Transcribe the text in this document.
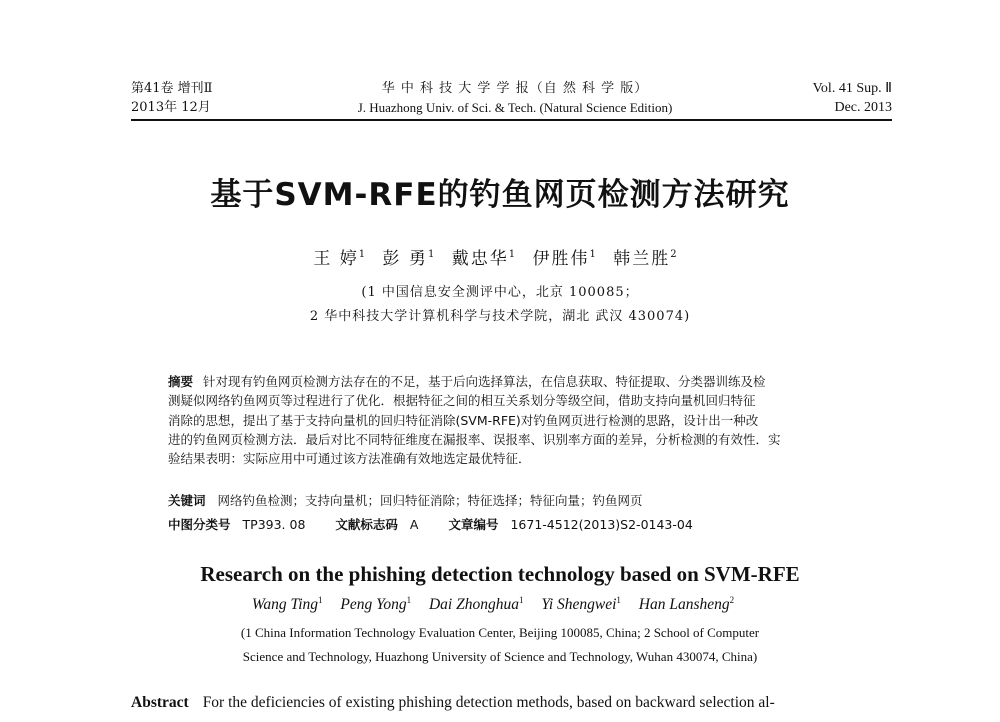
第41卷 增刊Ⅱ
2013年 12月
华 中 科 技 大 学 学 报（自 然 科 学 版）
J. Huazhong Univ. of Sci. & Tech. (Natural Science Edition)
Vol. 41 Sup. Ⅱ
Dec. 2013
基于SVM-RFE的钓鱼网页检测方法研究
王 婷$^1$ 彭 勇$^1$ 戴忠华$^1$ 伊胜伟$^1$ 韩兰胜$^2$
(1 中国信息安全测评中心，北京 100085；
2 华中科技大学计算机科学与技术学院，湖北 武汉 430074)
摘要 针对现有钓鱼网页检测方法存在的不足，基于后向选择算法，在信息获取、特征提取、分类器训练及检
测疑似网络钓鱼网页等过程进行了优化．根据特征之间的相互关系划分等级空间，借助支持向量机回归特征
消除的思想，提出了基于支持向量机的回归特征消除(SVM-RFE)对钓鱼网页进行检测的思路，设计出一种改
进的钓鱼网页检测方法．最后对比不同特征维度在漏报率、误报率、识别率方面的差异，分析检测的有效性．实
验结果表明：实际应用中可通过该方法准确有效地选定最优特征．
关键词 网络钓鱼检测；支持向量机；回归特征消除；特征选择；特征向量；钓鱼网页
中图分类号 TP393. 08 文献标志码 A 文章编号 1671-4512(2013)S2-0143-04
Research on the phishing detection technology based on SVM-RFE
Wang Ting$^1$ Peng Yong$^1$ Dai Zhonghua$^1$ Yi Shengwei$^1$ Han Lansheng$^2$
(1 China Information Technology Evaluation Center, Beijing 100085, China; 2 School of Computer
Science and Technology, Huazhong University of Science and Technology, Wuhan 430074, China)
Abstract For the deficiencies of existing phishing detection methods, based on backward selection al-
